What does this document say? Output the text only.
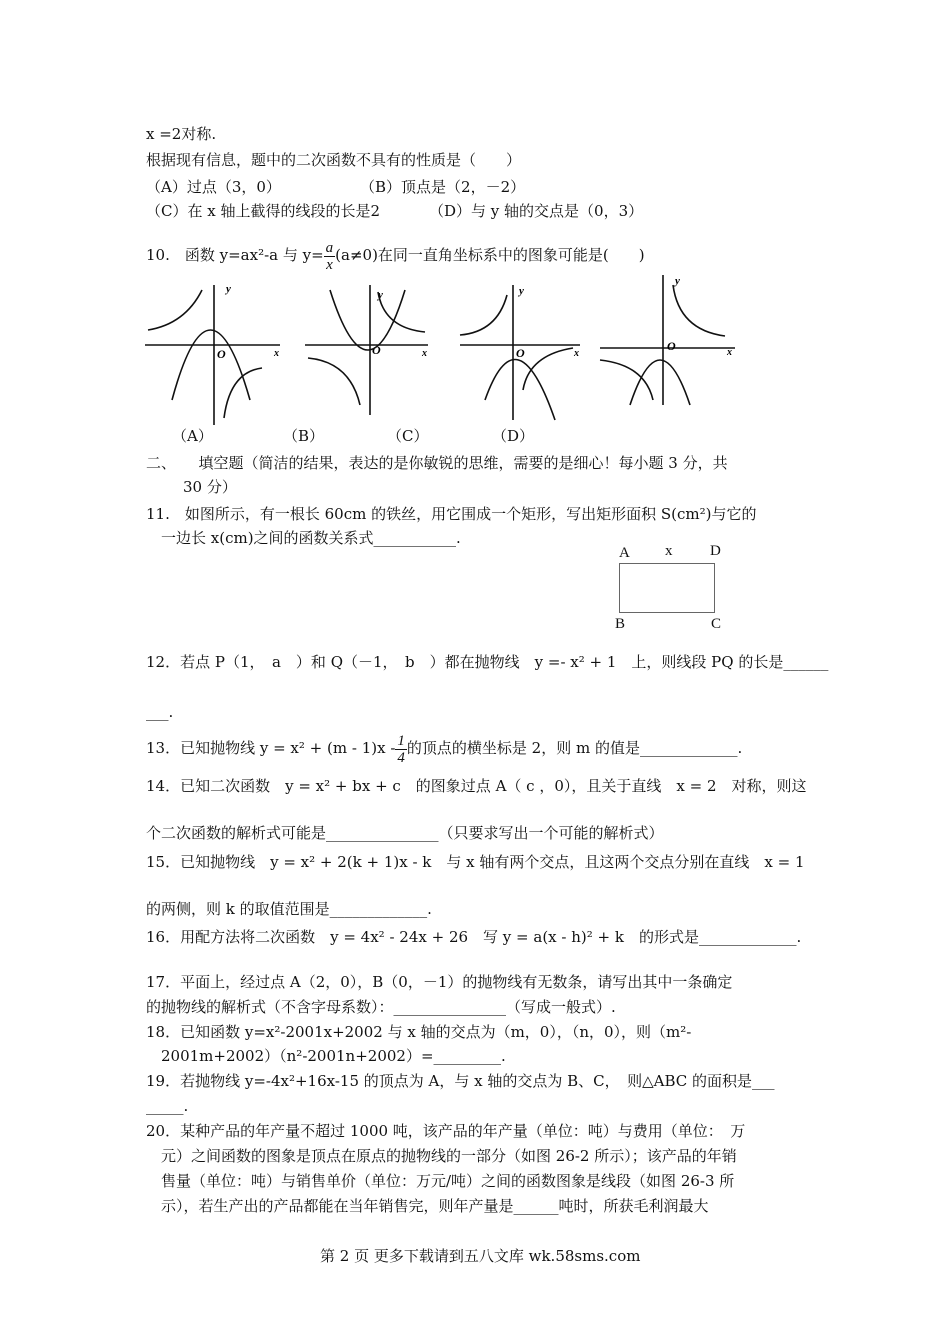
x =2对称.
根据现有信息，题中的二次函数不具有的性质是（　　）
（A）过点（3，0）	（B）顶点是（2，－2）
（C）在 x 轴上截得的线段的长是2	（D）与 y 轴的交点是（0，3）
10.　函数 y=ax²-a 与 $y= \frac{a}{x} (a\ne 0)$在同一直角坐标系中的图象可能是(　　)
y
x
O
y
x
O
y
x
O
y
x
O
（A）	（B）	（C）	（D）
二、　　填空题（简洁的结果，表达的是你敏锐的思维，需要的是细心！每小题 3 分，共
30 分）
11.　如图所示，有一根长 60cm 的铁丝，用它围成一个矩形，写出矩形面积 S(cm²)与它的
一边长 x(cm)之间的函数关系式___________.
A x	D
B	C
12．若点 P（1，　a　）和 Q（－1，　b　）都在抛物线　y =- x² + 1　上，则线段 PQ 的长是______
___.
13．已知抛物线 $y = x^2 + (m - 1)x - \frac{1}{4}$ 的顶点的横坐标是 2，则 m 的值是_____________.
14．已知二次函数　y = x² + bx + c　的图象过点 A（ c ，0），且关于直线　x = 2　对称，则这
个二次函数的解析式可能是_______________（只要求写出一个可能的解析式）
15．已知抛物线　y = x² + 2(k + 1)x - k　与 x 轴有两个交点，且这两个交点分别在直线　x = 1
的两侧，则 k 的取值范围是_____________.
16．用配方法将二次函数　y = 4x² - 24x + 26　写 y = a(x - h)² + k　的形式是_____________.
17．平面上，经过点 A（2，0），B（0，－1）的抛物线有无数条，请写出其中一条确定
的抛物线的解析式（不含字母系数）：_______________（写成一般式）.
18．已知函数 y=x²-2001x+2002 与 x 轴的交点为（m，0），（n，0），则（m²-
2001m+2002）（n²-2001n+2002）=_________.
19．若抛物线 y=-4x²+16x-15 的顶点为 A，与 x 轴的交点为 B、C，　则△ABC 的面积是___
_____.
20．某种产品的年产量不超过 1000 吨，该产品的年产量（单位：吨）与费用（单位：　万
元）之间函数的图象是顶点在原点的抛物线的一部分（如图 26-2 所示）；该产品的年销
售量（单位：吨）与销售单价（单位：万元/吨）之间的函数图象是线段（如图 26-3 所
示），若生产出的产品都能在当年销售完，则年产量是______吨时，所获毛利润最大
第 2 页 更多下载请到五八文库 wk.58sms.com
